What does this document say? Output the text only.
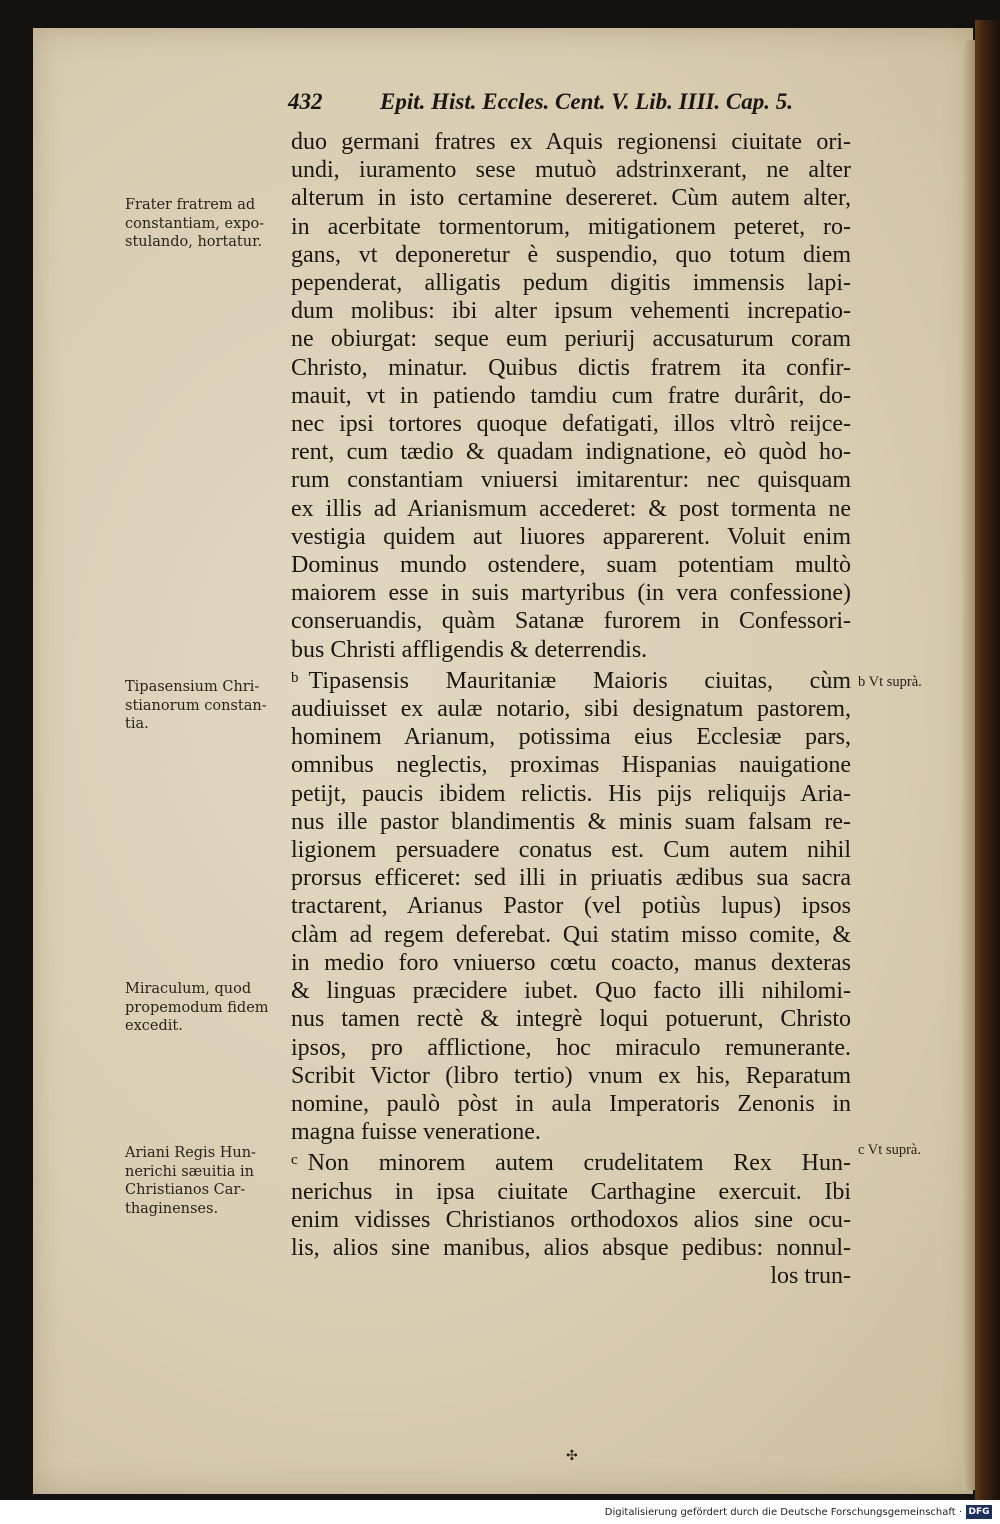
432	Epit. Hist. Eccles. Cent. V. Lib. IIII. Cap. 5.
duo germani fratres ex Aquis regionensi ciuitate ori-
undi, iuramento sese mutuò adstrinxerant, ne alter
alterum in isto certamine desereret. Cùm autem alter,
in acerbitate tormentorum, mitigationem peteret, ro-
gans, vt deponeretur è suspendio, quo totum diem
pependerat, alligatis pedum digitis immensis lapi-
dum molibus: ibi alter ipsum vehementi increpatio-
ne obiurgat: seque eum periurij accusaturum coram
Christo, minatur. Quibus dictis fratrem ita confir-
mauit, vt in patiendo tamdiu cum fratre durârit, do-
nec ipsi tortores quoque defatigati, illos vltrò reijce-
rent, cum tædio & quadam indignatione, eò quòd ho-
rum constantiam vniuersi imitarentur: nec quisquam
ex illis ad Arianismum accederet: & post tormenta ne
vestigia quidem aut liuores apparerent. Voluit enim
Dominus mundo ostendere, suam potentiam multò
maiorem esse in suis martyribus (in vera confessione)
conseruandis, quàm Satanæ furorem in Confessori-
bus Christi affligendis & deterrendis.
$^b$ Tipasensis Mauritaniæ Maioris ciuitas, cùm
audiuisset ex aulæ notario, sibi designatum pastorem,
hominem Arianum, potissima eius Ecclesiæ pars,
omnibus neglectis, proximas Hispanias nauigatione
petijt, paucis ibidem relictis. His pijs reliquijs Aria-
nus ille pastor blandimentis & minis suam falsam re-
ligionem persuadere conatus est. Cum autem nihil
prorsus efficeret: sed illi in priuatis ædibus sua sacra
tractarent, Arianus Pastor (vel potiùs lupus) ipsos
clàm ad regem deferebat. Qui statim misso comite, &
in medio foro vniuerso cœtu coacto, manus dexteras
& linguas præcidere iubet. Quo facto illi nihilomi-
nus tamen rectè & integrè loqui potuerunt, Christo
ipsos, pro afflictione, hoc miraculo remunerante.
Scribit Victor (libro tertio) vnum ex his, Reparatum
nomine, paulò pòst in aula Imperatoris Zenonis in
magna fuisse veneratione.
$^c$ Non minorem autem crudelitatem Rex Hun-
nerichus in ipsa ciuitate Carthagine exercuit. Ibi
enim vidisses Christianos orthodoxos alios sine ocu-
lis, alios sine manibus, alios absque pedibus: nonnul-
los trun-
Frater fratrem ad
constantiam, expo-
stulando, hortatur.
Tipasensium Chri-
stianorum constan-
tia.
Miraculum, quod
propemodum fidem
excedit.
Ariani Regis Hun-
nerichi sæuitia in
Christianos Car-
thaginenses.
b Vt suprà.
c Vt suprà.
✣
Digitalisierung gefördert durch die Deutsche Forschungsgemeinschaft · DFG
